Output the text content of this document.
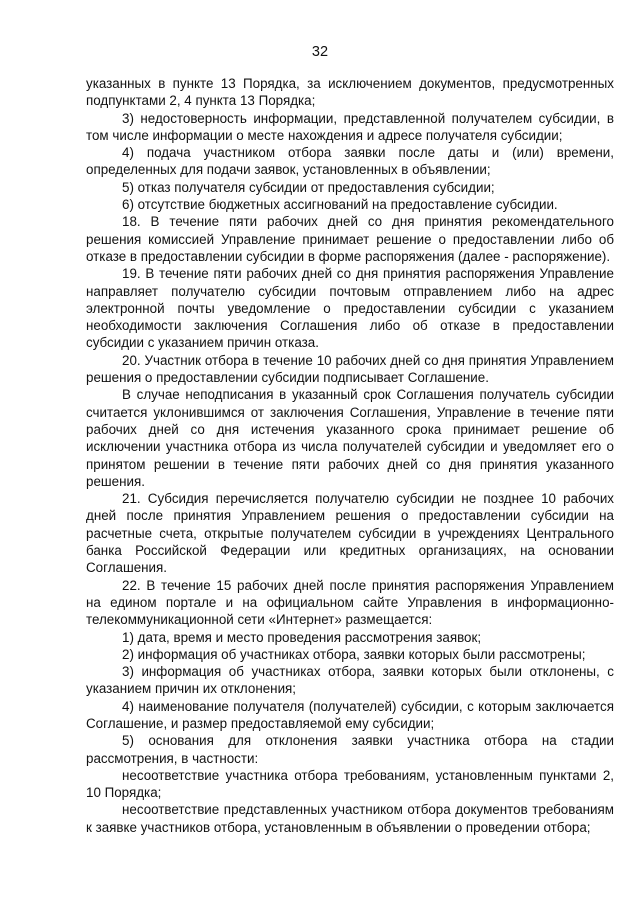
32

указанных в пункте 13 Порядка, за исключением документов, предусмотренных подпунктами 2, 4 пункта 13 Порядка;

3) недостоверность информации, представленной получателем субсидии, в том числе информации о месте нахождения и адресе получателя субсидии;

4) подача участником отбора заявки после даты и (или) времени, определенных для подачи заявок, установленных в объявлении;

5) отказ получателя субсидии от предоставления субсидии;

6) отсутствие бюджетных ассигнований на предоставление субсидии.

18. В течение пяти рабочих дней со дня принятия рекомендательного решения комиссией Управление принимает решение о предоставлении либо об отказе в предоставлении субсидии в форме распоряжения (далее - распоряжение).

19. В течение пяти рабочих дней со дня принятия распоряжения Управление направляет получателю субсидии почтовым отправлением либо на адрес электронной почты уведомление о предоставлении субсидии с указанием необходимости заключения Соглашения либо об отказе в предоставлении субсидии с указанием причин отказа.

20. Участник отбора в течение 10 рабочих дней со дня принятия Управлением решения о предоставлении субсидии подписывает Соглашение.

В случае неподписания в указанный срок Соглашения получатель субсидии считается уклонившимся от заключения Соглашения, Управление в течение пяти рабочих дней со дня истечения указанного срока принимает решение об исключении участника отбора из числа получателей субсидии и уведомляет его о принятом решении в течение пяти рабочих дней со дня принятия указанного решения.

21. Субсидия перечисляется получателю субсидии не позднее 10 рабочих дней после принятия Управлением решения о предоставлении субсидии на расчетные счета, открытые получателем субсидии в учреждениях Центрального банка Российской Федерации или кредитных организациях, на основании Соглашения.

22. В течение 15 рабочих дней после принятия распоряжения Управлением на едином портале и на официальном сайте Управления в информационно-телекоммуникационной сети «Интернет» размещается:

1) дата, время и место проведения рассмотрения заявок;

2) информация об участниках отбора, заявки которых были рассмотрены;

3) информация об участниках отбора, заявки которых были отклонены, с указанием причин их отклонения;

4) наименование получателя (получателей) субсидии, с которым заключается Соглашение, и размер предоставляемой ему субсидии;

5) основания для отклонения заявки участника отбора на стадии рассмотрения, в частности:

несоответствие участника отбора требованиям, установленным пунктами 2, 10 Порядка;

несоответствие представленных участником отбора документов требованиям к заявке участников отбора, установленным в объявлении о проведении отбора;
